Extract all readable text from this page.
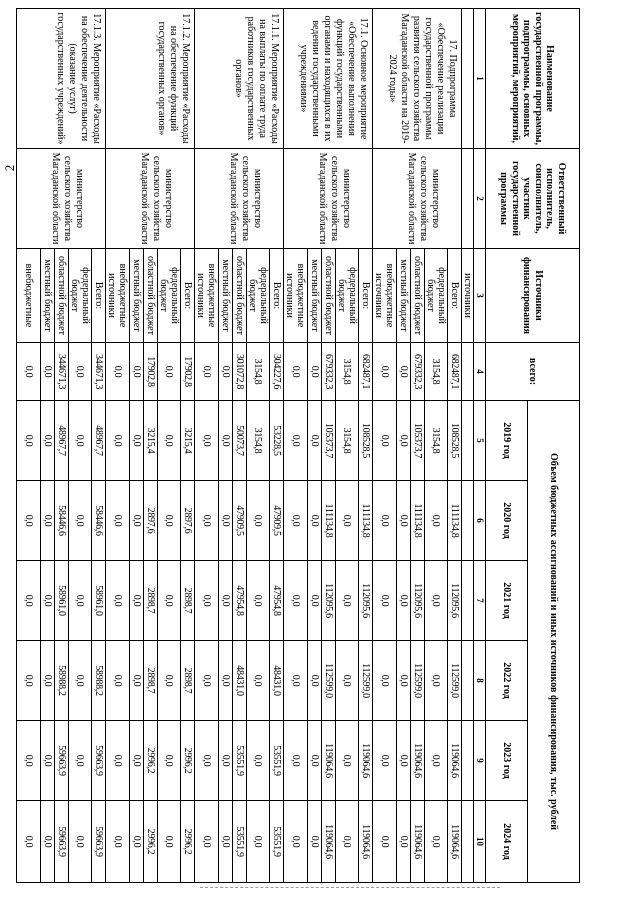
2
Наименование государственной программы, подпрограммы, основных мероприятий, мероприятий,	Ответственный исполнитель, соисполнитель, участник государственной программы	Источники финансирования	всего:	Объем бюджетных ассигнований и иных источников финансирования, тыс. рублей					
				2019 год	2020 год	2021 год	2022 год	2023 год	2024 год
1	2	3	4	5	6	7	8	9	10
		источники							
17. Подпрограмма «Обеспечение реализации государственной программы развития сельского хозяйства Магаданской области на 2019-2024 годы»	министерство сельского хозяйства Магаданской области	Всего:	682487,1	108528,5	111134,8	112095,6	112599,0	119064,6	119064,6
		федеральный бюджет	3154,8	3154,8	0,0	0,0	0,0	0,0	0,0
		областной бюджет	679332,3	105373,7	111134,8	112095,6	112599,0	119064,6	119064,6
		местный бюджет	0,0	0,0	0,0	0,0	0,0	0,0	0,0
		внебюджетные источники	0,0	0,0	0,0	0,0	0,0	0,0	0,0
17.1. Основное мероприятие «Обеспечение выполнения функций государственными органами и находящихся в их ведении государственными учреждениями»	министерство сельского хозяйства Магаданской области	Всего:	682487,1	108528,5	111134,8	112095,6	112599,0	119064,6	119064,6
		федеральный бюджет	3154,8	3154,8	0,0	0,0	0,0	0,0	0,0
		областной бюджет	679332,3	105373,7	111134,8	112095,6	112599,0	119064,6	119064,6
		местный бюджет	0,0	0,0	0,0	0,0	0,0	0,0	0,0
		внебюджетные источники	0,0	0,0	0,0	0,0	0,0	0,0	0,0
17.1.1. Мероприятие «Расходы на выплаты по оплате труда работников государственных органов»	министерство сельского хозяйства Магаданской области	Всего:	304227,6	53228,5	47909,5	47954,8	48431,0	53551,9	53551,9
		федеральный бюджет	3154,8	3154,8	0,0	0,0	0,0	0,0	0,0
		областной бюджет	301072,8	50073,7	47909,5	47954,8	48431,0	53551,9	53551,9
		местный бюджет	0,0	0,0	0,0	0,0	0,0	0,0	0,0
		внебюджетные источники	0,0	0,0	0,0	0,0	0,0	0,0	0,0
17.1.2. Мероприятие «Расходы на обеспечение функций государственных органов»	министерство сельского хозяйства Магаданской области	Всего:	17902,8	3215,4	2897,6	2898,7	2898,7	2996,2	2996,2
		федеральный бюджет	0,0	0,0	0,0	0,0	0,0	0,0	0,0
		областной бюджет	17902,8	3215,4	2897,6	2898,7	2898,7	2996,2	2996,2
		местный бюджет	0,0	0,0	0,0	0,0	0,0	0,0	0,0
		внебюджетные источники	0,0	0,0	0,0	0,0	0,0	0,0	0,0
17.1.3. Мероприятие «Расходы на обеспечение деятельности (оказание услуг) государственных учреждений»	министерство сельского хозяйства Магаданской области	Всего:	344671,3	48967,7	58446,6	58961,0	58988,2	59663,9	59663,9
		федеральный бюджет	0,0	0,0	0,0	0,0	0,0	0,0	0,0
		областной бюджет	344671,3	48967,7	58446,6	58961,0	58988,2	59663,9	59663,9
		местный бюджет	0,0	0,0	0,0	0,0	0,0	0,0	0,0
		внебюджетные	0,0	0,0	0,0	0,0	0,0	0,0	0,0
